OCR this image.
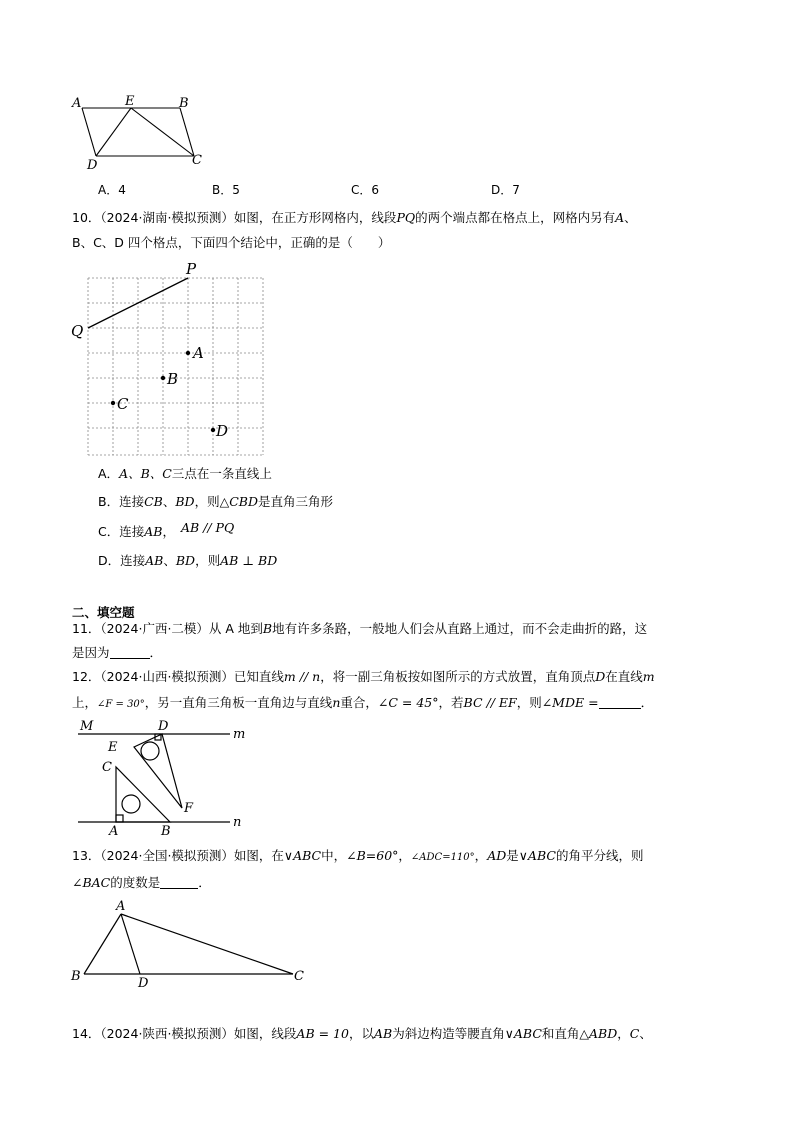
A	E	B
D	C
A．4	B．5	C．6	D．7
10．（2024·湖南·模拟预测）如图，在正方形网格内，线段PQ的两个端点都在格点上，网格内另有A、
B、C、D 四个格点，下面四个结论中，正确的是（　　）
P
Q
A
B
C
D
A．A、B、C三点在一条直线上
B．连接CB、BD，则△CBD是直角三角形
C．连接AB， AB // PQ
D．连接AB、BD，则AB ⊥ BD
二、填空题
11．（2024·广西·二模）从 A 地到B地有许多条路，一般地人们会从直路上通过，而不会走曲折的路，这
是因为	．
12．（2024·山西·模拟预测）已知直线m // n，将一副三角板按如图所示的方式放置，直角顶点D在直线m
上，∠F = 30°，另一直角三角板一直角边与直线n重合，∠C = 45°，若BC // EF，则∠MDE =	．
M	D
m
E
C
F
A	B
n
13．（2024·全国·模拟预测）如图，在∨ABC中，∠B=60°，∠ADC=110°，AD是∨ABC的角平分线，则
∠BAC的度数是	．
A
B	D	C
14．（2024·陕西·模拟预测）如图，线段AB = 10，以AB为斜边构造等腰直角∨ABC和直角△ABD，C、
